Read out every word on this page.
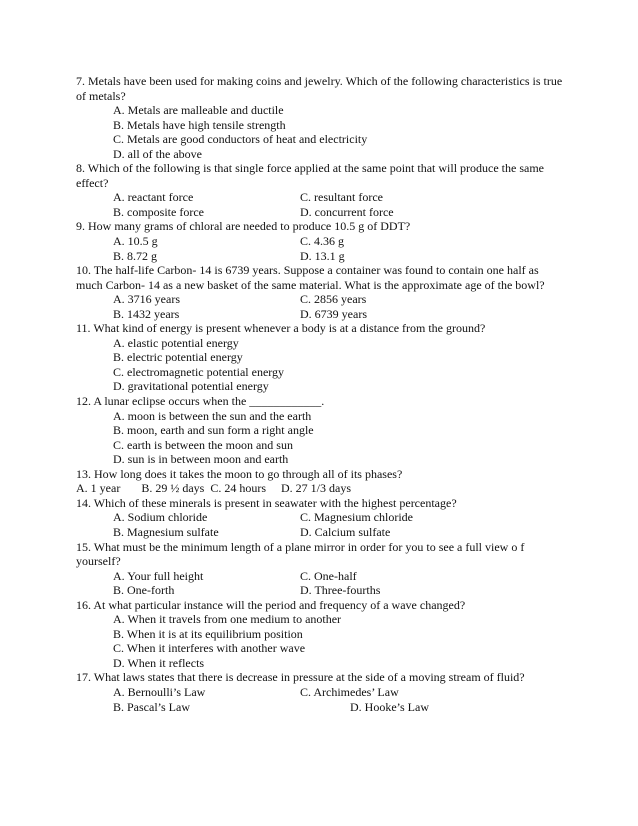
7. Metals have been used for making coins and jewelry. Which of the following characteristics is true of metals?
A. Metals are malleable and ductile
B. Metals have high tensile strength
C. Metals are good conductors of heat and electricity
D. all of the above
8. Which of the following is that single force applied at the same point that will produce the same effect?
A. reactant force	C. resultant force
B. composite force	D. concurrent force
9. How many grams of chloral are needed to produce 10.5 g of DDT?
A. 10.5 g	C. 4.36 g
B. 8.72 g	D. 13.1 g
10. The half-life Carbon- 14 is 6739 years. Suppose a container was found to contain one half as much Carbon- 14 as a new basket of the same material. What is the approximate age of the bowl?
A. 3716 years	C. 2856 years
B. 1432 years	D. 6739 years
11. What kind of energy is present whenever a body is at a distance from the ground?
A. elastic potential energy
B. electric potential energy
C. electromagnetic potential energy
D. gravitational potential energy
12. A lunar eclipse occurs when the ____________.
A. moon is between the sun and the earth
B. moon, earth and sun form a right angle
C. earth is between the moon and sun
D. sun is in between moon and earth
13. How long does it takes the moon to go through all of its phases?
A. 1 year B. 29 ½ days C. 24 hours D. 27 1/3 days
14. Which of these minerals is present in seawater with the highest percentage?
A. Sodium chloride	C. Magnesium chloride
B. Magnesium sulfate	D. Calcium sulfate
15. What must be the minimum length of a plane mirror in order for you to see a full view o f yourself?
A. Your full height	C. One-half
B. One-forth	D. Three-fourths
16. At what particular instance will the period and frequency of a wave changed?
A. When it travels from one medium to another
B. When it is at its equilibrium position
C. When it interferes with another wave
D. When it reflects
17. What laws states that there is decrease in pressure at the side of a moving stream of fluid?
A. Bernoulli’s Law	C. Archimedes’ Law
B. Pascal’s Law	D. Hooke’s Law
